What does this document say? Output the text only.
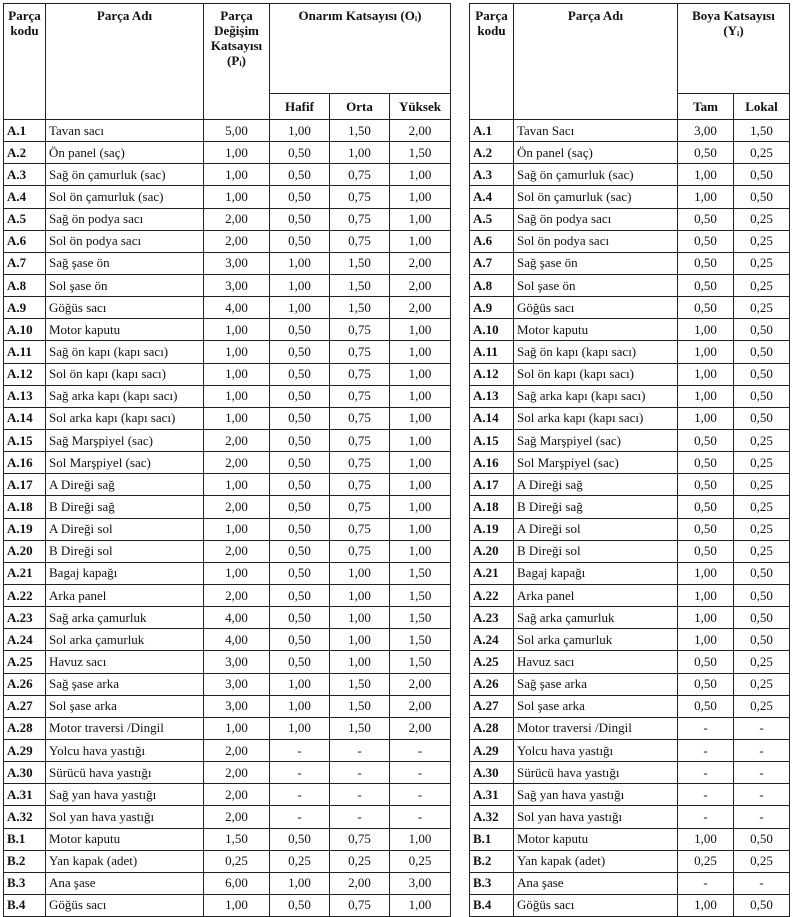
Parça kodu	Parça Adı	Parça Değişim Katsayısı (Pᵢ)	Onarım Katsayısı (Oᵢ)		
			Hafif	Orta	Yüksek
A.1	Tavan sacı	5,00	1,00	1,50	2,00
A.2	Ön panel (saç)	1,00	0,50	1,00	1,50
A.3	Sağ ön çamurluk (sac)	1,00	0,50	0,75	1,00
A.4	Sol ön çamurluk (sac)	1,00	0,50	0,75	1,00
A.5	Sağ ön podya sacı	2,00	0,50	0,75	1,00
A.6	Sol ön podya sacı	2,00	0,50	0,75	1,00
A.7	Sağ şase ön	3,00	1,00	1,50	2,00
A.8	Sol şase ön	3,00	1,00	1,50	2,00
A.9	Göğüs sacı	4,00	1,00	1,50	2,00
A.10	Motor kaputu	1,00	0,50	0,75	1,00
A.11	Sağ ön kapı (kapı sacı)	1,00	0,50	0,75	1,00
A.12	Sol ön kapı (kapı sacı)	1,00	0,50	0,75	1,00
A.13	Sağ arka kapı (kapı sacı)	1,00	0,50	0,75	1,00
A.14	Sol arka kapı (kapı sacı)	1,00	0,50	0,75	1,00
A.15	Sağ Marşpiyel (sac)	2,00	0,50	0,75	1,00
A.16	Sol Marşpiyel (sac)	2,00	0,50	0,75	1,00
A.17	A Direği sağ	1,00	0,50	0,75	1,00
A.18	B Direği sağ	2,00	0,50	0,75	1,00
A.19	A Direği sol	1,00	0,50	0,75	1,00
A.20	B Direği sol	2,00	0,50	0,75	1,00
A.21	Bagaj kapağı	1,00	0,50	1,00	1,50
A.22	Arka panel	2,00	0,50	1,00	1,50
A.23	Sağ arka çamurluk	4,00	0,50	1,00	1,50
A.24	Sol arka çamurluk	4,00	0,50	1,00	1,50
A.25	Havuz sacı	3,00	0,50	1,00	1,50
A.26	Sağ şase arka	3,00	1,00	1,50	2,00
A.27	Sol şase arka	3,00	1,00	1,50	2,00
A.28	Motor traversi /Dingil	1,00	1,00	1,50	2,00
A.29	Yolcu hava yastığı	2,00	-	-	-
A.30	Sürücü hava yastığı	2,00	-	-	-
A.31	Sağ yan hava yastığı	2,00	-	-	-
A.32	Sol yan hava yastığı	2,00	-	-	-
B.1	Motor kaputu	1,50	0,50	0,75	1,00
B.2	Yan kapak (adet)	0,25	0,25	0,25	0,25
B.3	Ana şase	6,00	1,00	2,00	3,00
B.4	Göğüs sacı	1,00	0,50	0,75	1,00
Parça kodu	Parça Adı	Boya Katsayısı (Yᵢ)	
		Tam	Lokal
A.1	Tavan Sacı	3,00	1,50
A.2	Ön panel (saç)	0,50	0,25
A.3	Sağ ön çamurluk (sac)	1,00	0,50
A.4	Sol ön çamurluk (sac)	1,00	0,50
A.5	Sağ ön podya sacı	0,50	0,25
A.6	Sol ön podya sacı	0,50	0,25
A.7	Sağ şase ön	0,50	0,25
A.8	Sol şase ön	0,50	0,25
A.9	Göğüs sacı	0,50	0,25
A.10	Motor kaputu	1,00	0,50
A.11	Sağ ön kapı (kapı sacı)	1,00	0,50
A.12	Sol ön kapı (kapı sacı)	1,00	0,50
A.13	Sağ arka kapı (kapı sacı)	1,00	0,50
A.14	Sol arka kapı (kapı sacı)	1,00	0,50
A.15	Sağ Marşpiyel (sac)	0,50	0,25
A.16	Sol Marşpiyel (sac)	0,50	0,25
A.17	A Direği sağ	0,50	0,25
A.18	B Direği sağ	0,50	0,25
A.19	A Direği sol	0,50	0,25
A.20	B Direği sol	0,50	0,25
A.21	Bagaj kapağı	1,00	0,50
A.22	Arka panel	1,00	0,50
A.23	Sağ arka çamurluk	1,00	0,50
A.24	Sol arka çamurluk	1,00	0,50
A.25	Havuz sacı	0,50	0,25
A.26	Sağ şase arka	0,50	0,25
A.27	Sol şase arka	0,50	0,25
A.28	Motor traversi /Dingil	-	-
A.29	Yolcu hava yastığı	-	-
A.30	Sürücü hava yastığı	-	-
A.31	Sağ yan hava yastığı	-	-
A.32	Sol yan hava yastığı	-	-
B.1	Motor kaputu	1,00	0,50
B.2	Yan kapak (adet)	0,25	0,25
B.3	Ana şase	-	-
B.4	Göğüs sacı	1,00	0,50
